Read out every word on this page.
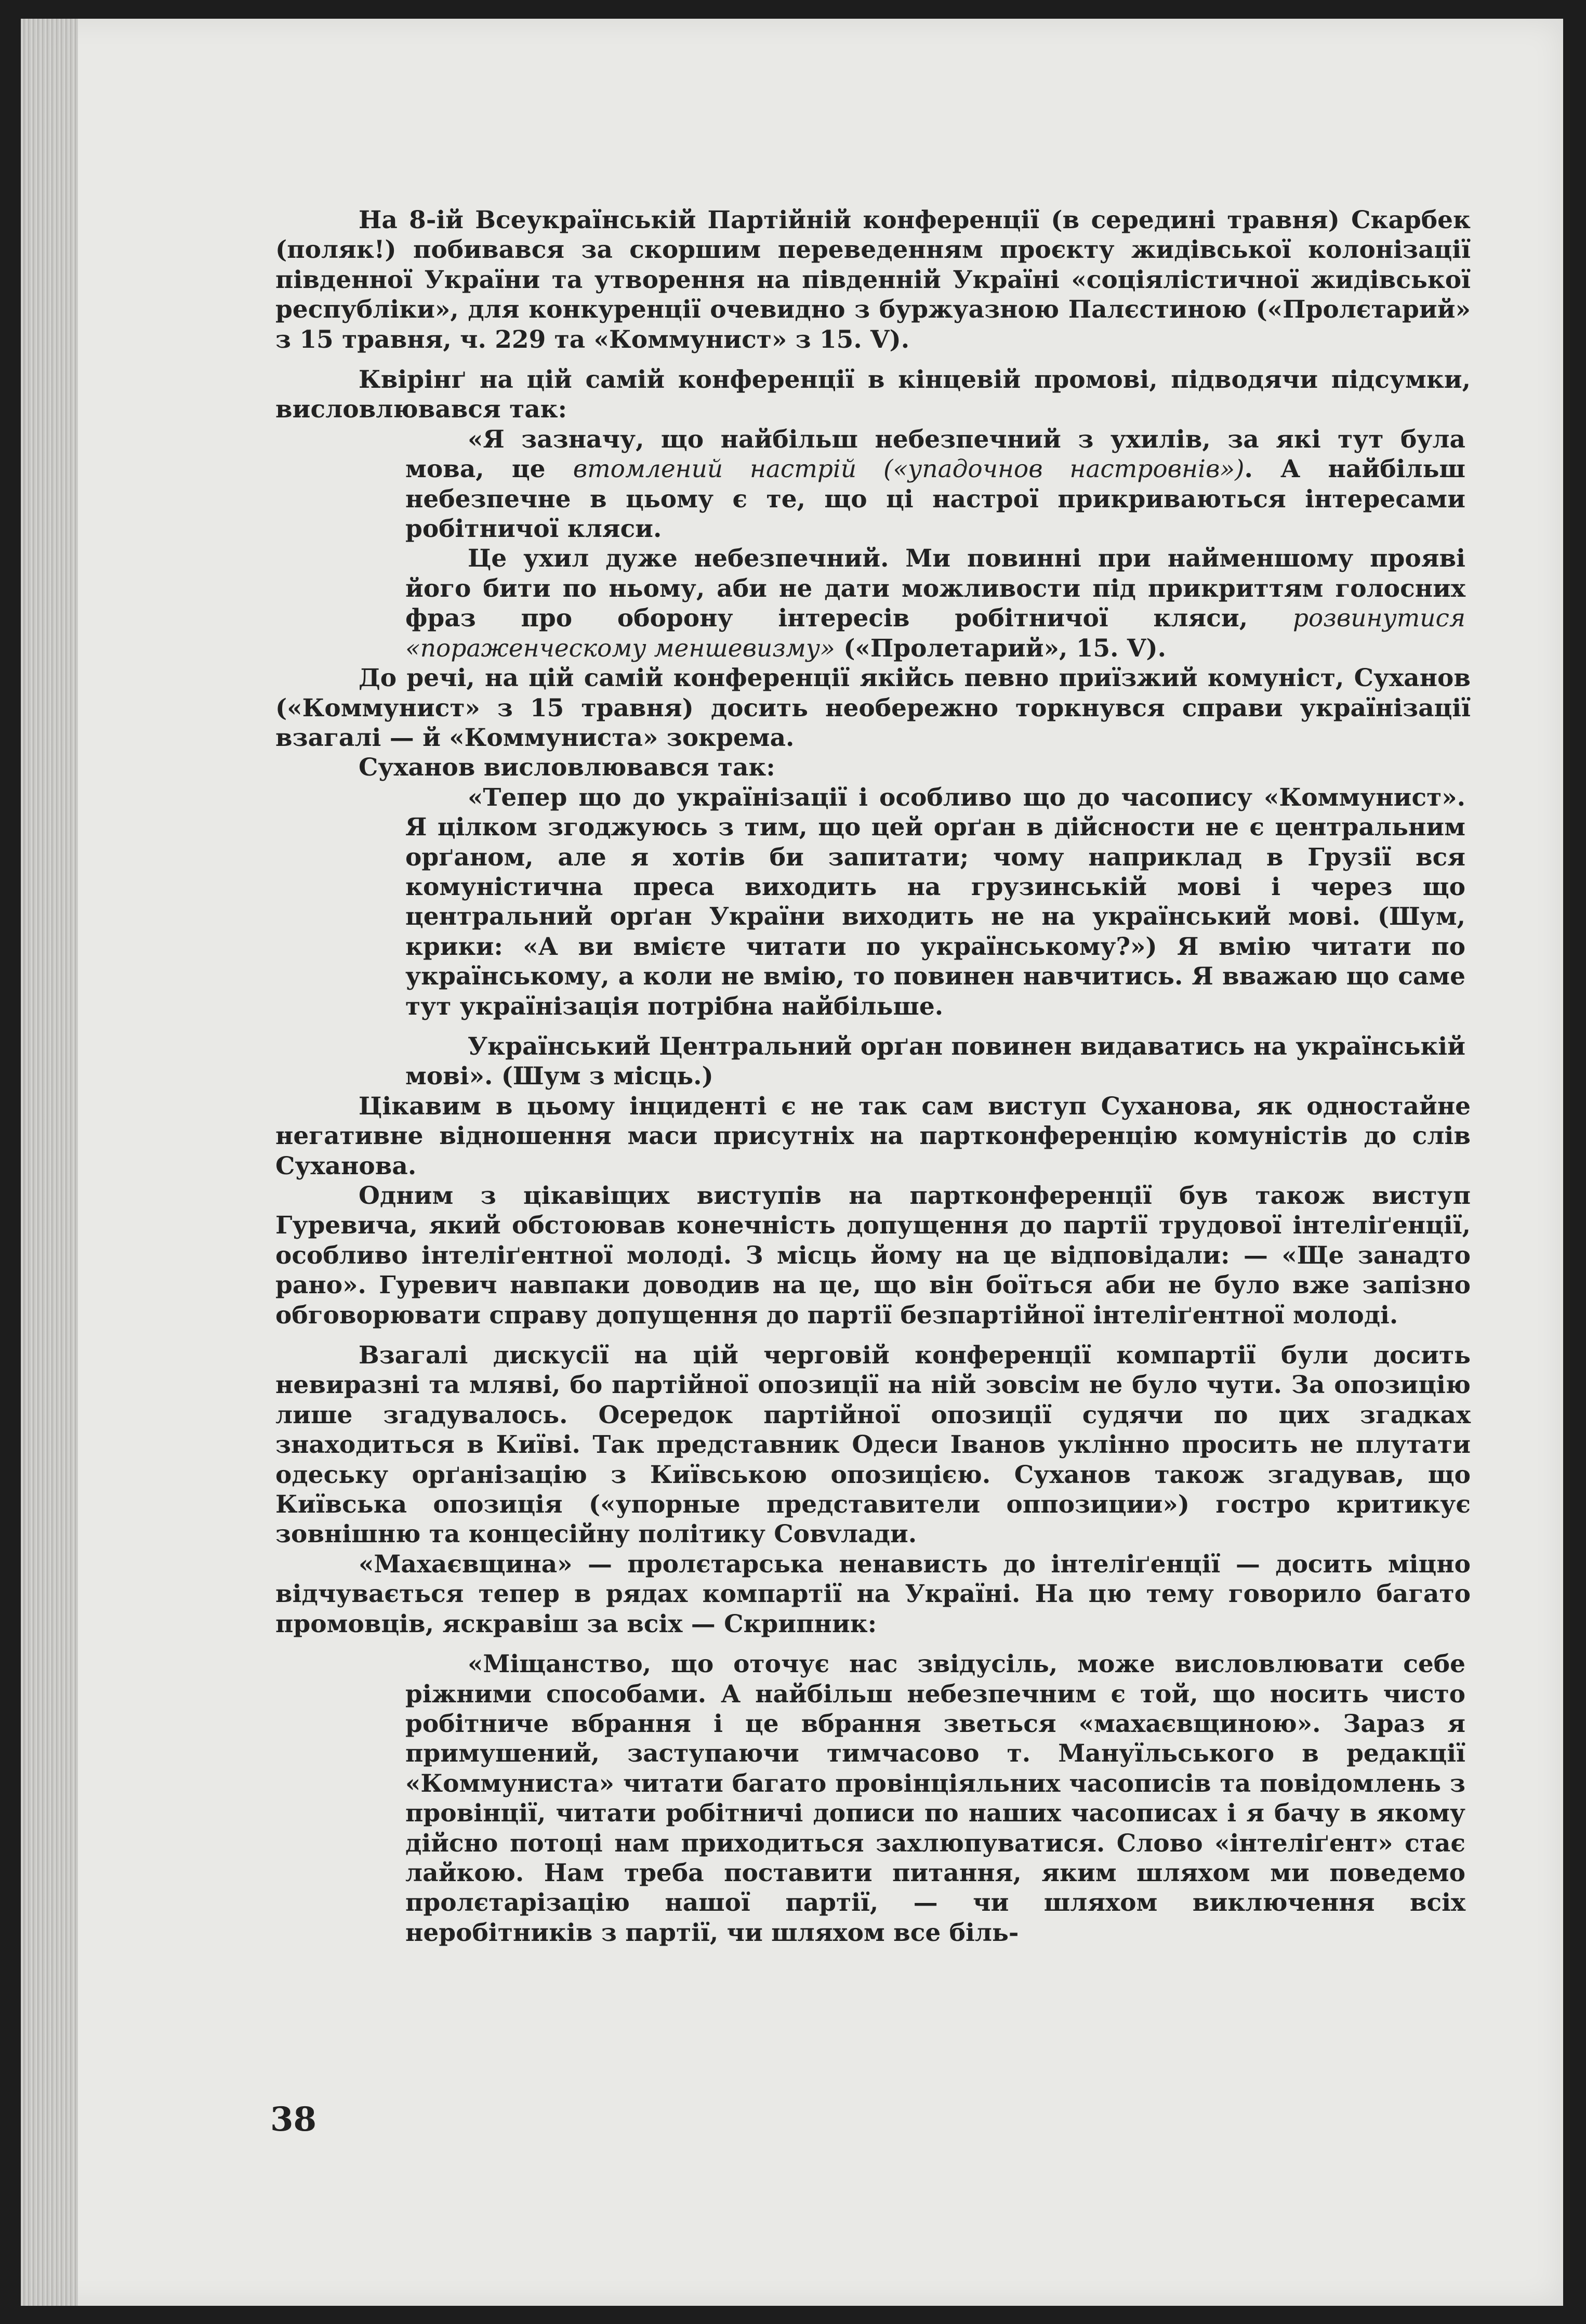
На 8-ій Всеукраїнській Партійній конференції (в середині травня) Скарбек (поляк!) побивався за скоршим переведенням проєкту жидівської колонізації південної України та утворення на південній Україні «соціялістичної жидівської республіки», для конкуренції очевидно з буржуазною Палєстиною («Пролєтарий» з 15 травня, ч. 229 та «Коммунист» з 15. V).

Квірінґ на цій самій конференції в кінцевій промові, підводячи підсумки, висловлювався так:

«Я зазначу, що найбільш небезпечний з ухилів, за які тут була мова, це втомлений настрій («упадочнов настровнів»). А найбільш небезпечне в цьому є те, що ці настрої прикриваються інтересами робітничої кляси.

Це ухил дуже небезпечний. Ми повинні при найменшому прояві його бити по ньому, аби не дати можливости під прикриттям голосних фраз про оборону інтересів робітничої кляси, розвинутися «пораженческому меншевизму» («Пролетарий», 15. V).

До речі, на цій самій конференції якійсь певно приїзжий комуніст, Суханов («Коммунист» з 15 травня) досить необережно торкнувся справи українізації взагалі — й «Коммуниста» зокрема.

Суханов висловлювався так:

«Тепер що до українізації і особливо що до часопису «Коммунист». Я цілком згоджуюсь з тим, що цей орґан в дійсности не є центральним орґаном, але я хотів би запитати; чому наприклад в Грузії вся комуністична преса виходить на грузинській мові і через що центральний орґан України виходить не на український мові. (Шум, крики: «А ви вмієте читати по українському?») Я вмію читати по українському, а коли не вмію, то повинен навчитись. Я вважаю що саме тут українізація потрібна найбільше.

Український Центральний орґан повинен видаватись на українській мові». (Шум з місць.)

Цікавим в цьому інциденті є не так сам виступ Суханова, як одностайне негативне відношення маси присутніх на партконференцію комуністів до слів Суханова.

Одним з цікавіщих виступів на партконференції був також виступ Гуревича, який обстоював конечність допущення до партії трудової інтеліґенції, особливо інтеліґентної молоді. З місць йому на це відповідали: — «Ще занадто рано». Гуревич навпаки доводив на це, що він боїться аби не було вже запізно обговорювати справу допущення до партії безпартійної інтеліґентної молоді.

Взагалі дискусії на цій черговій конференції компартії були досить невиразні та мляві, бо партійної опозиції на ній зовсім не було чути. За опозицію лише згадувалось. Осередок партійної опозиції судячи по цих згадках знаходиться в Київі. Так представник Одеси Іванов уклінно просить не плутати одеську орґанізацію з Київською опозицією. Суханов також згадував, що Київська опозиція («упорные представители оппозиции») гостро критикує зовнішню та концесійну політику Совvлади.

«Махаєвщина» — пролєтарська ненависть до інтеліґенції — досить міцно відчувається тепер в рядах компартії на Україні. На цю тему говорило багато промовців, яскравіш за всіх — Скрипник:

«Міщанство, що оточує нас звідусіль, може висловлювати себе ріжними способами. А найбільш небезпечним є той, що носить чисто робітниче вбрання і це вбрання зветься «махаєвщиною». Зараз я примушений, заступаючи тимчасово т. Мануїльського в редакції «Коммуниста» читати багато провінціяльних часописів та повідомлень з провінції, читати робітничі дописи по наших часописах і я бачу в якому дійсно потоці нам приходиться захлюпуватися. Слово «інтеліґент» стає лайкою. Нам треба поставити питання, яким шляхом ми поведемо пролєтарізацію нашої партії, — чи шляхом виключення всіх неробітників з партії, чи шляхом все біль-

38
